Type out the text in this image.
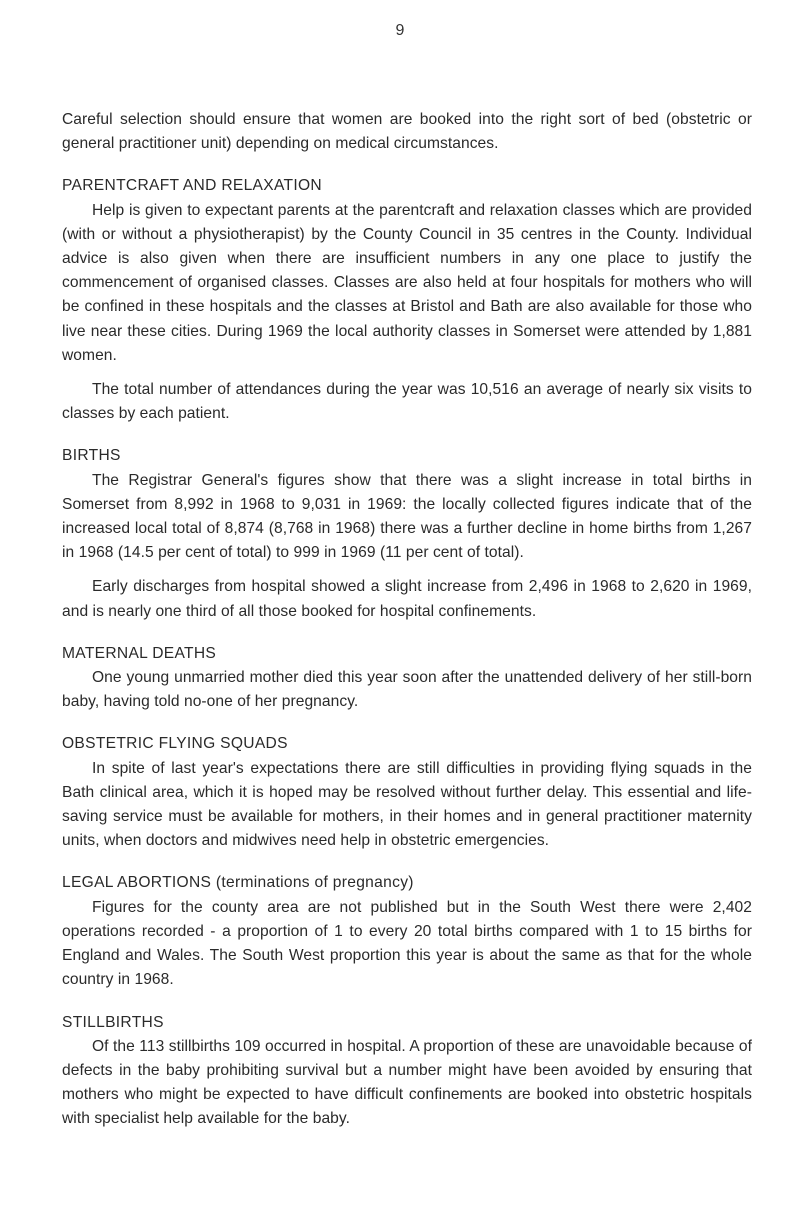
9

Careful selection should ensure that women are booked into the right sort of bed (obstetric or general practitioner unit) depending on medical circumstances.

PARENTCRAFT AND RELAXATION

Help is given to expectant parents at the parentcraft and relaxation classes which are provided (with or without a physiotherapist) by the County Council in 35 centres in the County. Individual advice is also given when there are insufficient numbers in any one place to justify the commencement of organised classes. Classes are also held at four hospitals for mothers who will be confined in these hospitals and the classes at Bristol and Bath are also available for those who live near these cities. During 1969 the local authority classes in Somerset were attended by 1,881 women.

The total number of attendances during the year was 10,516 an average of nearly six visits to classes by each patient.

BIRTHS

The Registrar General's figures show that there was a slight increase in total births in Somerset from 8,992 in 1968 to 9,031 in 1969: the locally collected figures indicate that of the increased local total of 8,874 (8,768 in 1968) there was a further decline in home births from 1,267 in 1968 (14.5 per cent of total) to 999 in 1969 (11 per cent of total).

Early discharges from hospital showed a slight increase from 2,496 in 1968 to 2,620 in 1969, and is nearly one third of all those booked for hospital confinements.

MATERNAL DEATHS

One young unmarried mother died this year soon after the unattended delivery of her still-born baby, having told no-one of her pregnancy.

OBSTETRIC FLYING SQUADS

In spite of last year's expectations there are still difficulties in providing flying squads in the Bath clinical area, which it is hoped may be resolved without further delay. This essential and life-saving service must be available for mothers, in their homes and in general practitioner maternity units, when doctors and midwives need help in obstetric emergencies.

LEGAL ABORTIONS (terminations of pregnancy)

Figures for the county area are not published but in the South West there were 2,402 operations recorded - a proportion of 1 to every 20 total births compared with 1 to 15 births for England and Wales. The South West proportion this year is about the same as that for the whole country in 1968.

STILLBIRTHS

Of the 113 stillbirths 109 occurred in hospital. A proportion of these are unavoidable because of defects in the baby prohibiting survival but a number might have been avoided by ensuring that mothers who might be expected to have difficult confinements are booked into obstetric hospitals with specialist help available for the baby.
